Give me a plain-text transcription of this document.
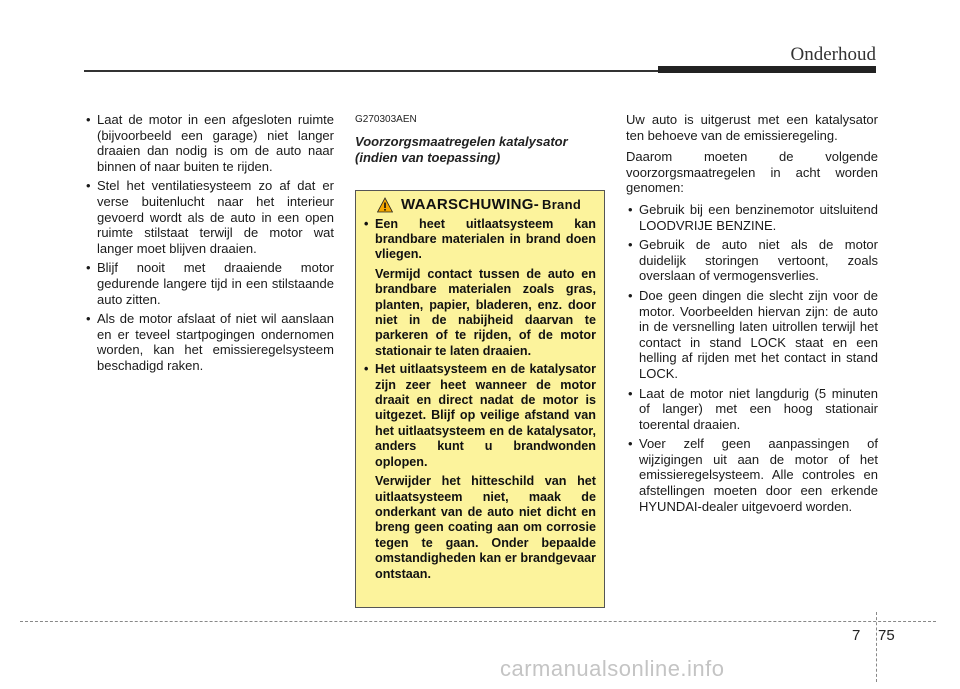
Onderhoud
• Laat de motor in een afgesloten ruimte (bijvoorbeeld een garage) niet langer draaien dan nodig is om de auto naar binnen of naar buiten te rijden.
• Stel het ventilatiesysteem zo af dat er verse buitenlucht naar het interieur gevoerd wordt als de auto in een open ruimte stilstaat terwijl de motor wat langer moet blijven draaien.
• Blijf nooit met draaiende motor gedurende langere tijd in een stilstaande auto zitten.
• Als de motor afslaat of niet wil aanslaan en er teveel startpogingen ondernomen worden, kan het emissieregelsysteem beschadigd raken.
G270303AEN
Voorzorgsmaatregelen katalysator (indien van toepassing)
WAARSCHUWING - Brand
• Een heet uitlaatsysteem kan brandbare materialen in brand doen vliegen.

Vermijd contact tussen de auto en brandbare materialen zoals gras, planten, papier, bladeren, enz. door niet in de nabijheid daarvan te parkeren of te rijden, of de motor stationair te laten draaien.

• Het uitlaatsysteem en de katalysator zijn zeer heet wanneer de motor draait en direct nadat de motor is uitgezet. Blijf op veilige afstand van het uitlaatsysteem en de katalysator, anders kunt u brandwonden oplopen.

Verwijder het hitteschild van het uitlaatsysteem niet, maak de onderkant van de auto niet dicht en breng geen coating aan om corrosie tegen te gaan. Onder bepaalde omstandigheden kan er brandgevaar ontstaan.

Uw auto is uitgerust met een katalysator ten behoeve van de emissieregeling.

Daarom moeten de volgende voorzorgsmaatregelen in acht worden genomen:

• Gebruik bij een benzinemotor uitsluitend LOODVRIJE BENZINE.
• Gebruik de auto niet als de motor duidelijk storingen vertoont, zoals overslaan of vermogensverlies.
• Doe geen dingen die slecht zijn voor de motor. Voorbeelden hiervan zijn: de auto in de versnelling laten uitrollen terwijl het contact in stand LOCK staat en een helling af rijden met het contact in stand LOCK.
• Laat de motor niet langdurig (5 minuten of langer) met een hoog stationair toerental draaien.
• Voer zelf geen aanpassingen of wijzigingen uit aan de motor of het emissieregelsysteem. Alle controles en afstellingen moeten door een erkende HYUNDAI-dealer uitgevoerd worden.
7 75
carmanualsonline.info
